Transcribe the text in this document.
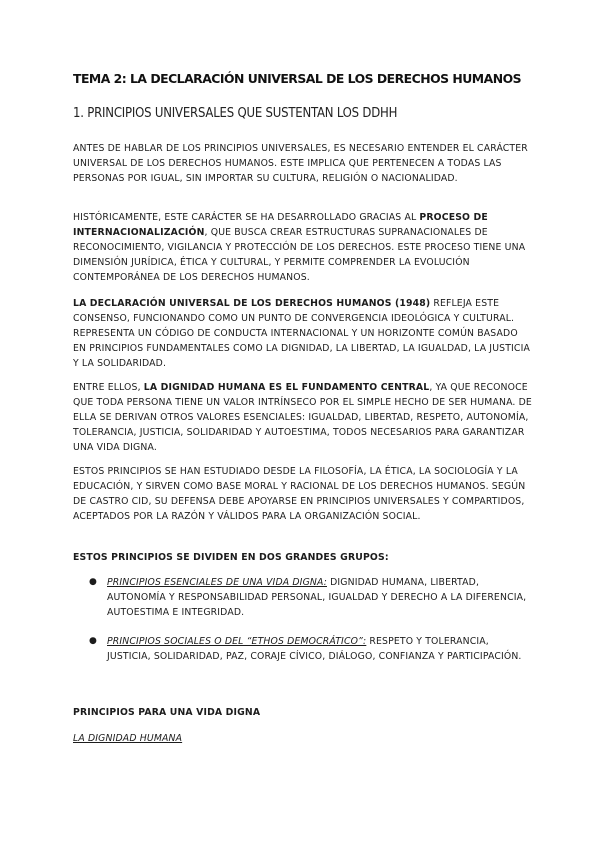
TEMA 2: LA DECLARACIÓN UNIVERSAL DE LOS DERECHOS HUMANOS
1. PRINCIPIOS UNIVERSALES QUE SUSTENTAN LOS DDHH

ANTES DE HABLAR DE LOS PRINCIPIOS UNIVERSALES, ES NECESARIO ENTENDER EL CARÁCTER UNIVERSAL DE LOS DERECHOS HUMANOS. ESTE IMPLICA QUE PERTENECEN A TODAS LAS PERSONAS POR IGUAL, SIN IMPORTAR SU CULTURA, RELIGIÓN O NACIONALIDAD.

HISTÓRICAMENTE, ESTE CARÁCTER SE HA DESARROLLADO GRACIAS AL PROCESO DE INTERNACIONALIZACIÓN, QUE BUSCA CREAR ESTRUCTURAS SUPRANACIONALES DE RECONOCIMIENTO, VIGILANCIA Y PROTECCIÓN DE LOS DERECHOS. ESTE PROCESO TIENE UNA DIMENSIÓN JURÍDICA, ÉTICA Y CULTURAL, Y PERMITE COMPRENDER LA EVOLUCIÓN CONTEMPORÁNEA DE LOS DERECHOS HUMANOS.

LA DECLARACIÓN UNIVERSAL DE LOS DERECHOS HUMANOS (1948) REFLEJA ESTE CONSENSO, FUNCIONANDO COMO UN PUNTO DE CONVERGENCIA IDEOLÓGICA Y CULTURAL. REPRESENTA UN CÓDIGO DE CONDUCTA INTERNACIONAL Y UN HORIZONTE COMÚN BASADO EN PRINCIPIOS FUNDAMENTALES COMO LA DIGNIDAD, LA LIBERTAD, LA IGUALDAD, LA JUSTICIA Y LA SOLIDARIDAD.

ENTRE ELLOS, LA DIGNIDAD HUMANA ES EL FUNDAMENTO CENTRAL, YA QUE RECONOCE QUE TODA PERSONA TIENE UN VALOR INTRÍNSECO POR EL SIMPLE HECHO DE SER HUMANA. DE ELLA SE DERIVAN OTROS VALORES ESENCIALES: IGUALDAD, LIBERTAD, RESPETO, AUTONOMÍA, TOLERANCIA, JUSTICIA, SOLIDARIDAD Y AUTOESTIMA, TODOS NECESARIOS PARA GARANTIZAR UNA VIDA DIGNA.

ESTOS PRINCIPIOS SE HAN ESTUDIADO DESDE LA FILOSOFÍA, LA ÉTICA, LA SOCIOLOGÍA Y LA EDUCACIÓN, Y SIRVEN COMO BASE MORAL Y RACIONAL DE LOS DERECHOS HUMANOS. SEGÚN DE CASTRO CID, SU DEFENSA DEBE APOYARSE EN PRINCIPIOS UNIVERSALES Y COMPARTIDOS, ACEPTADOS POR LA RAZÓN Y VÁLIDOS PARA LA ORGANIZACIÓN SOCIAL.

ESTOS PRINCIPIOS SE DIVIDEN EN DOS GRANDES GRUPOS:

● PRINCIPIOS ESENCIALES DE UNA VIDA DIGNA: DIGNIDAD HUMANA, LIBERTAD, AUTONOMÍA Y RESPONSABILIDAD PERSONAL, IGUALDAD Y DERECHO A LA DIFERENCIA, AUTOESTIMA E INTEGRIDAD.
● PRINCIPIOS SOCIALES O DEL “ETHOS DEMOCRÁTICO”: RESPETO Y TOLERANCIA, JUSTICIA, SOLIDARIDAD, PAZ, CORAJE CÍVICO, DIÁLOGO, CONFIANZA Y PARTICIPACIÓN.

PRINCIPIOS PARA UNA VIDA DIGNA

LA DIGNIDAD HUMANA
